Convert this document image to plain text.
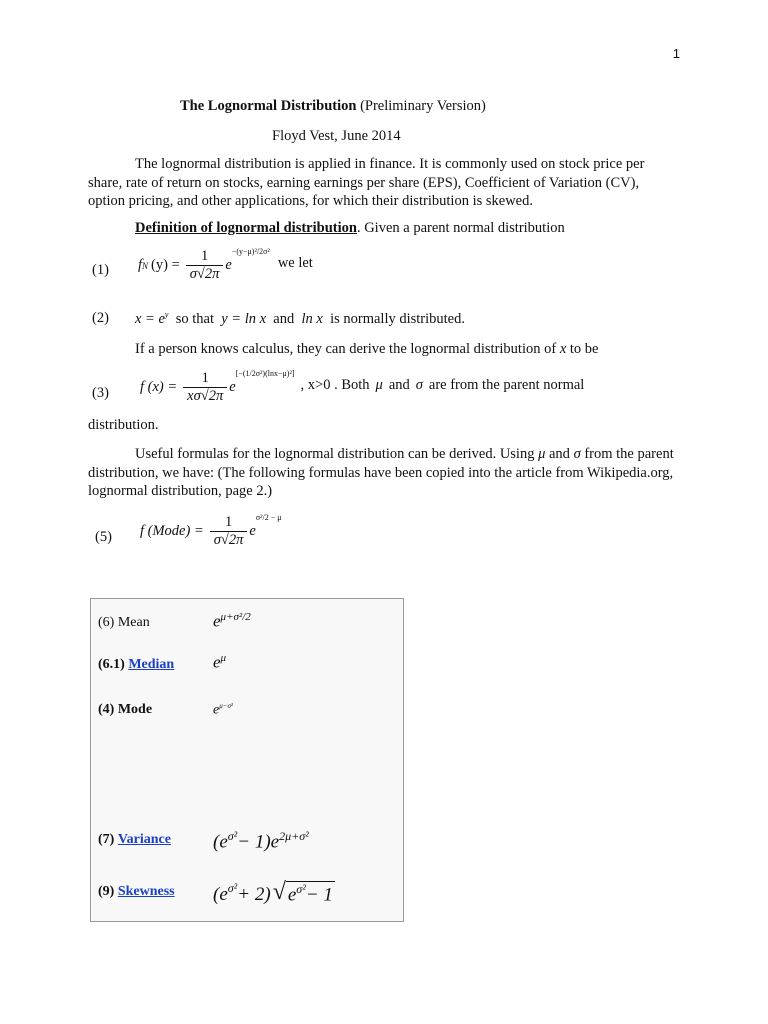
1
The Lognormal Distribution (Preliminary Version)
Floyd Vest, June 2014
The lognormal distribution is applied in finance. It is commonly used on stock price per share, rate of return on stocks, earning earnings per share (EPS), Coefficient of Variation (CV), option pricing, and other applications, for which their distribution is skewed.
Definition of lognormal distribution. Given a parent normal distribution
(1) f N $(y) = \frac{1}{\sigma√2\pi}$ e
−(y−μ)²/2σ²
we let
(2) $x = e^y$ so that y = ln x and ln x is normally distributed.
If a person knows calculus, they can derive the lognormal distribution of x to be
(3) f $(x) = \frac{1}{x\sigma√2\pi}$ e
[−(1/2σ²)(lnx−μ)²]
, x>0 . Both μ and σ are from the parent normal
distribution.
Useful formulas for the lognormal distribution can be derived. Using μ and σ from the parent distribution, we have: (The following formulas have been copied into the article from Wikipedia.org, lognormal distribution, page 2.)
(5) f (Mode) = $\frac{1}{\sigma√2\pi}$ e
σ²/2 − μ
(6) Mean	$e^{\mu+\sigma^2/2}$
(6.1) Median $e^\mu$
(4) Mode	$e^{\mu-\sigma^2}$
(7) Variance $(e^{\sigma^2}- 1)e^{2\mu+\sigma^2}$
(9) Skewness $(e^{\sigma^2} + 2)$ √ $e^{\sigma^2}- 1$
